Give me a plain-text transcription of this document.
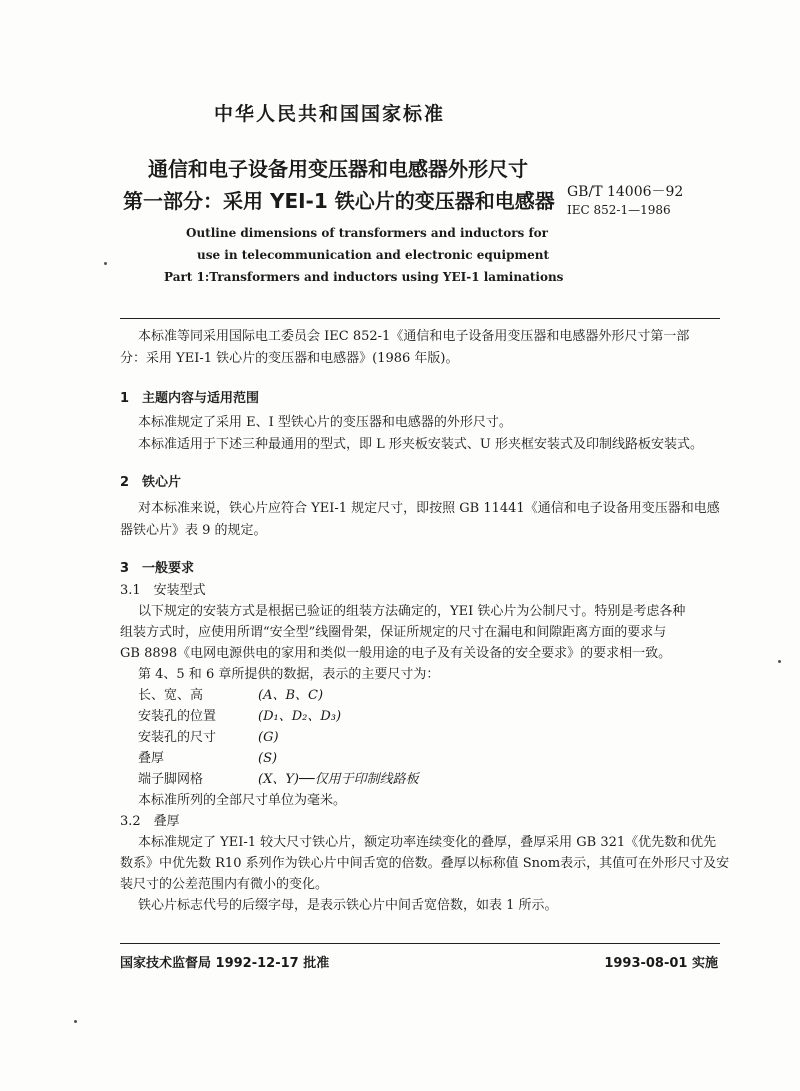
中华人民共和国国家标准
通信和电子设备用变压器和电感器外形尺寸
第一部分：采用 YEI-1 铁心片的变压器和电感器 GB/T 14006－92
IEC 852-1—1986
Outline dimensions of transformers and inductors for
use in telecommunication and electronic equipment
Part 1:Transformers and inductors using YEI-1 laminations
本标准等同采用国际电工委员会 IEC 852-1《通信和电子设备用变压器和电感器外形尺寸第一部
分：采用 YEI-1 铁心片的变压器和电感器》(1986 年版)。
1　主题内容与适用范围
本标准规定了采用 E、I 型铁心片的变压器和电感器的外形尺寸。
本标准适用于下述三种最通用的型式，即 L 形夹板安装式、U 形夹框安装式及印制线路板安装式。
2　铁心片
对本标准来说，铁心片应符合 YEI-1 规定尺寸，即按照 GB 11441《通信和电子设备用变压器和电感
器铁心片》表 9 的规定。
3　一般要求
3.1　安装型式
以下规定的安装方式是根据已验证的组装方法确定的，YEI 铁心片为公制尺寸。特别是考虑各种
组装方式时，应使用所谓“安全型”线圈骨架，保证所规定的尺寸在漏电和间隙距离方面的要求与
GB 8898《电网电源供电的家用和类似一般用途的电子及有关设备的安全要求》的要求相一致。
第 4、5 和 6 章所提供的数据，表示的主要尺寸为：
长、宽、高	(A、B、C)
安装孔的位置	(D₁、D₂、D₃)
安装孔的尺寸	(G)
叠厚	(S)
端子脚网格	(X、Y)──仅用于印制线路板
本标准所列的全部尺寸单位为毫米。
3.2　叠厚
本标准规定了 YEI-1 较大尺寸铁心片，额定功率连续变化的叠厚，叠厚采用 GB 321《优先数和优先
数系》中优先数 R10 系列作为铁心片中间舌宽的倍数。叠厚以标称值 Snom表示，其值可在外形尺寸及安
装尺寸的公差范围内有微小的变化。
铁心片标志代号的后缀字母，是表示铁心片中间舌宽倍数，如表 1 所示。
国家技术监督局 1992-12-17 批准	1993-08-01 实施
